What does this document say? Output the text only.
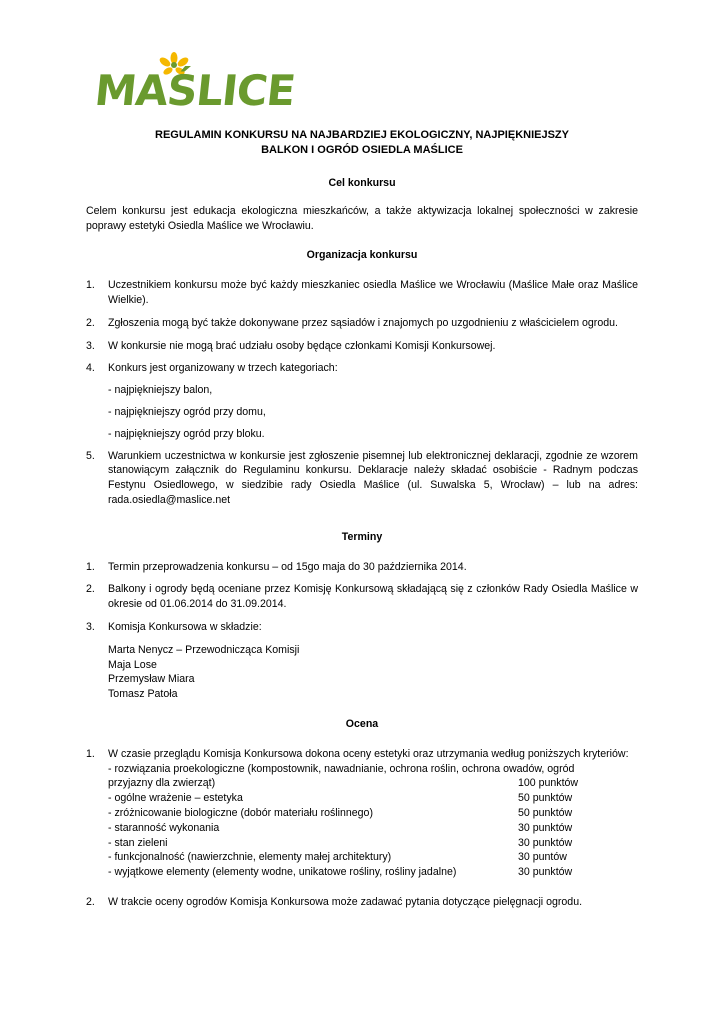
MAŚLICE
REGULAMIN KONKURSU NA NAJBARDZIEJ EKOLOGICZNY, NAJPIĘKNIEJSZY
BALKON I OGRÓD OSIEDLA MAŚLICE
Cel konkursu

Celem konkursu jest edukacja ekologiczna mieszkańców, a także aktywizacja lokalnej społeczności w zakresie poprawy estetyki Osiedla Maślice we Wrocławiu.

Organizacja konkursu
1. Uczestnikiem konkursu może być każdy mieszkaniec osiedla Maślice we Wrocławiu (Maślice Małe oraz Maślice Wielkie).
2. Zgłoszenia mogą być także dokonywane przez sąsiadów i znajomych po uzgodnieniu z właścicielem ogrodu.
3. W konkursie nie mogą brać udziału osoby będące członkami Komisji Konkursowej.
4. Konkurs jest organizowany w trzech kategoriach:
- najpiękniejszy balon,
- najpiękniejszy ogród przy domu,
- najpiękniejszy ogród przy bloku.
5. Warunkiem uczestnictwa w konkursie jest zgłoszenie pisemnej lub elektronicznej deklaracji, zgodnie ze wzorem stanowiącym załącznik do Regulaminu konkursu. Deklaracje należy składać osobiście - Radnym podczas Festynu Osiedlowego, w siedzibie rady Osiedla Maślice (ul. Suwalska 5, Wrocław) – lub na adres: rada.osiedla@maslice.net
Terminy
1. Termin przeprowadzenia konkursu – od 15go maja do 30 października 2014.
2. Balkony i ogrody będą oceniane przez Komisję Konkursową składającą się z członków Rady Osiedla Maślice w okresie od 01.06.2014 do 31.09.2014.
3. Komisja Konkursowa w składzie:
Marta Nenycz – Przewodnicząca Komisji
Maja Lose
Przemysław Miara
Tomasz Patoła
Ocena
1. W czasie przeglądu Komisja Konkursowa dokona oceny estetyki oraz utrzymania według poniższych kryteriów:
- rozwiązania proekologiczne (kompostownik, nawadnianie, ochrona roślin, ochrona owadów, ogród
przyjazny dla zwierząt)	100 punktów
- ogólne wrażenie – estetyka	50 punktów
- zróżnicowanie biologiczne (dobór materiału roślinnego)	50 punktów
- staranność wykonania	30 punktów
- stan zieleni	30 punktów
- funkcjonalność (nawierzchnie, elementy małej architektury)	30 puntów
- wyjątkowe elementy (elementy wodne, unikatowe rośliny, rośliny jadalne)	30 punktów
2. W trakcie oceny ogrodów Komisja Konkursowa może zadawać pytania dotyczące pielęgnacji ogrodu.
